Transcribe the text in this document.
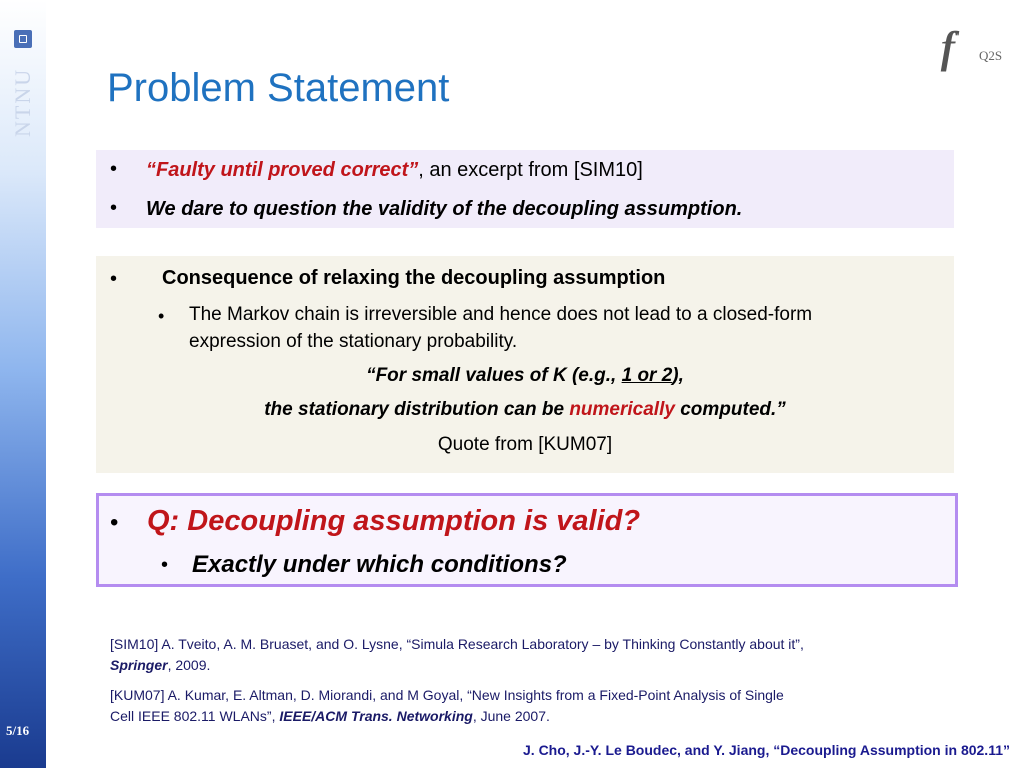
NTNU
5/16
Q2S
Problem Statement
• “Faulty until proved correct”, an excerpt from [SIM10]
• We dare to question the validity of the decoupling assumption.
• Consequence of relaxing the decoupling assumption
• The Markov chain is irreversible and hence does not lead to a closed-form
expression of the stationary probability.
“For small values of K (e.g., 1 or 2),
the stationary distribution can be numerically computed.”
Quote from [KUM07]
• Q: Decoupling assumption is valid?
• Exactly under which conditions?
[SIM10] A. Tveito, A. M. Bruaset, and O. Lysne, “Simula Research Laboratory – by Thinking Constantly about it”,
Springer, 2009.
[KUM07] A. Kumar, E. Altman, D. Miorandi, and M Goyal, “New Insights from a Fixed-Point Analysis of Single
Cell IEEE 802.11 WLANs”, IEEE/ACM Trans. Networking, June 2007.
J. Cho, J.-Y. Le Boudec, and Y. Jiang, “Decoupling Assumption in 802.11”
